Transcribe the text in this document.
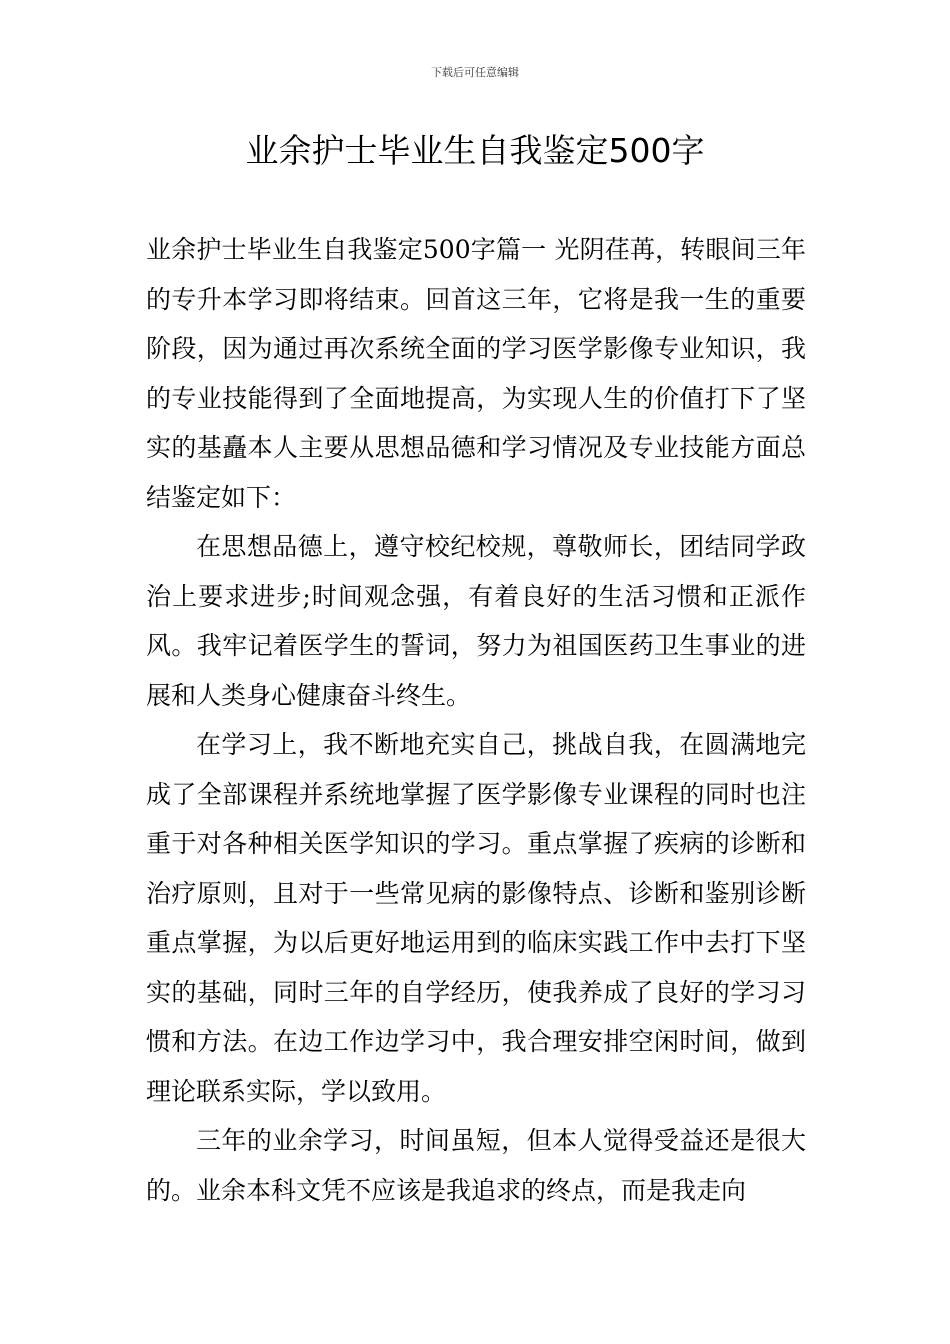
下载后可任意编辑
业余护士毕业生自我鉴定500字

业余护士毕业生自我鉴定500字篇一 光阴荏苒，转眼间三年的专升本学习即将结束。回首这三年，它将是我一生的重要阶段，因为通过再次系统全面的学习医学影像专业知识，我的专业技能得到了全面地提高，为实现人生的价值打下了坚实的基矗本人主要从思想品德和学习情况及专业技能方面总结鉴定如下：

在思想品德上，遵守校纪校规，尊敬师长，团结同学政治上要求进步;时间观念强，有着良好的生活习惯和正派作风。我牢记着医学生的誓词，努力为祖国医药卫生事业的进展和人类身心健康奋斗终生。

在学习上，我不断地充实自己，挑战自我，在圆满地完成了全部课程并系统地掌握了医学影像专业课程的同时也注重于对各种相关医学知识的学习。重点掌握了疾病的诊断和治疗原则，且对于一些常见病的影像特点、诊断和鉴别诊断重点掌握，为以后更好地运用到的临床实践工作中去打下坚实的基础，同时三年的自学经历，使我养成了良好的学习习惯和方法。在边工作边学习中，我合理安排空闲时间，做到理论联系实际，学以致用。

三年的业余学习，时间虽短，但本人觉得受益还是很大的。业余本科文凭不应该是我追求的终点，而是我走向
